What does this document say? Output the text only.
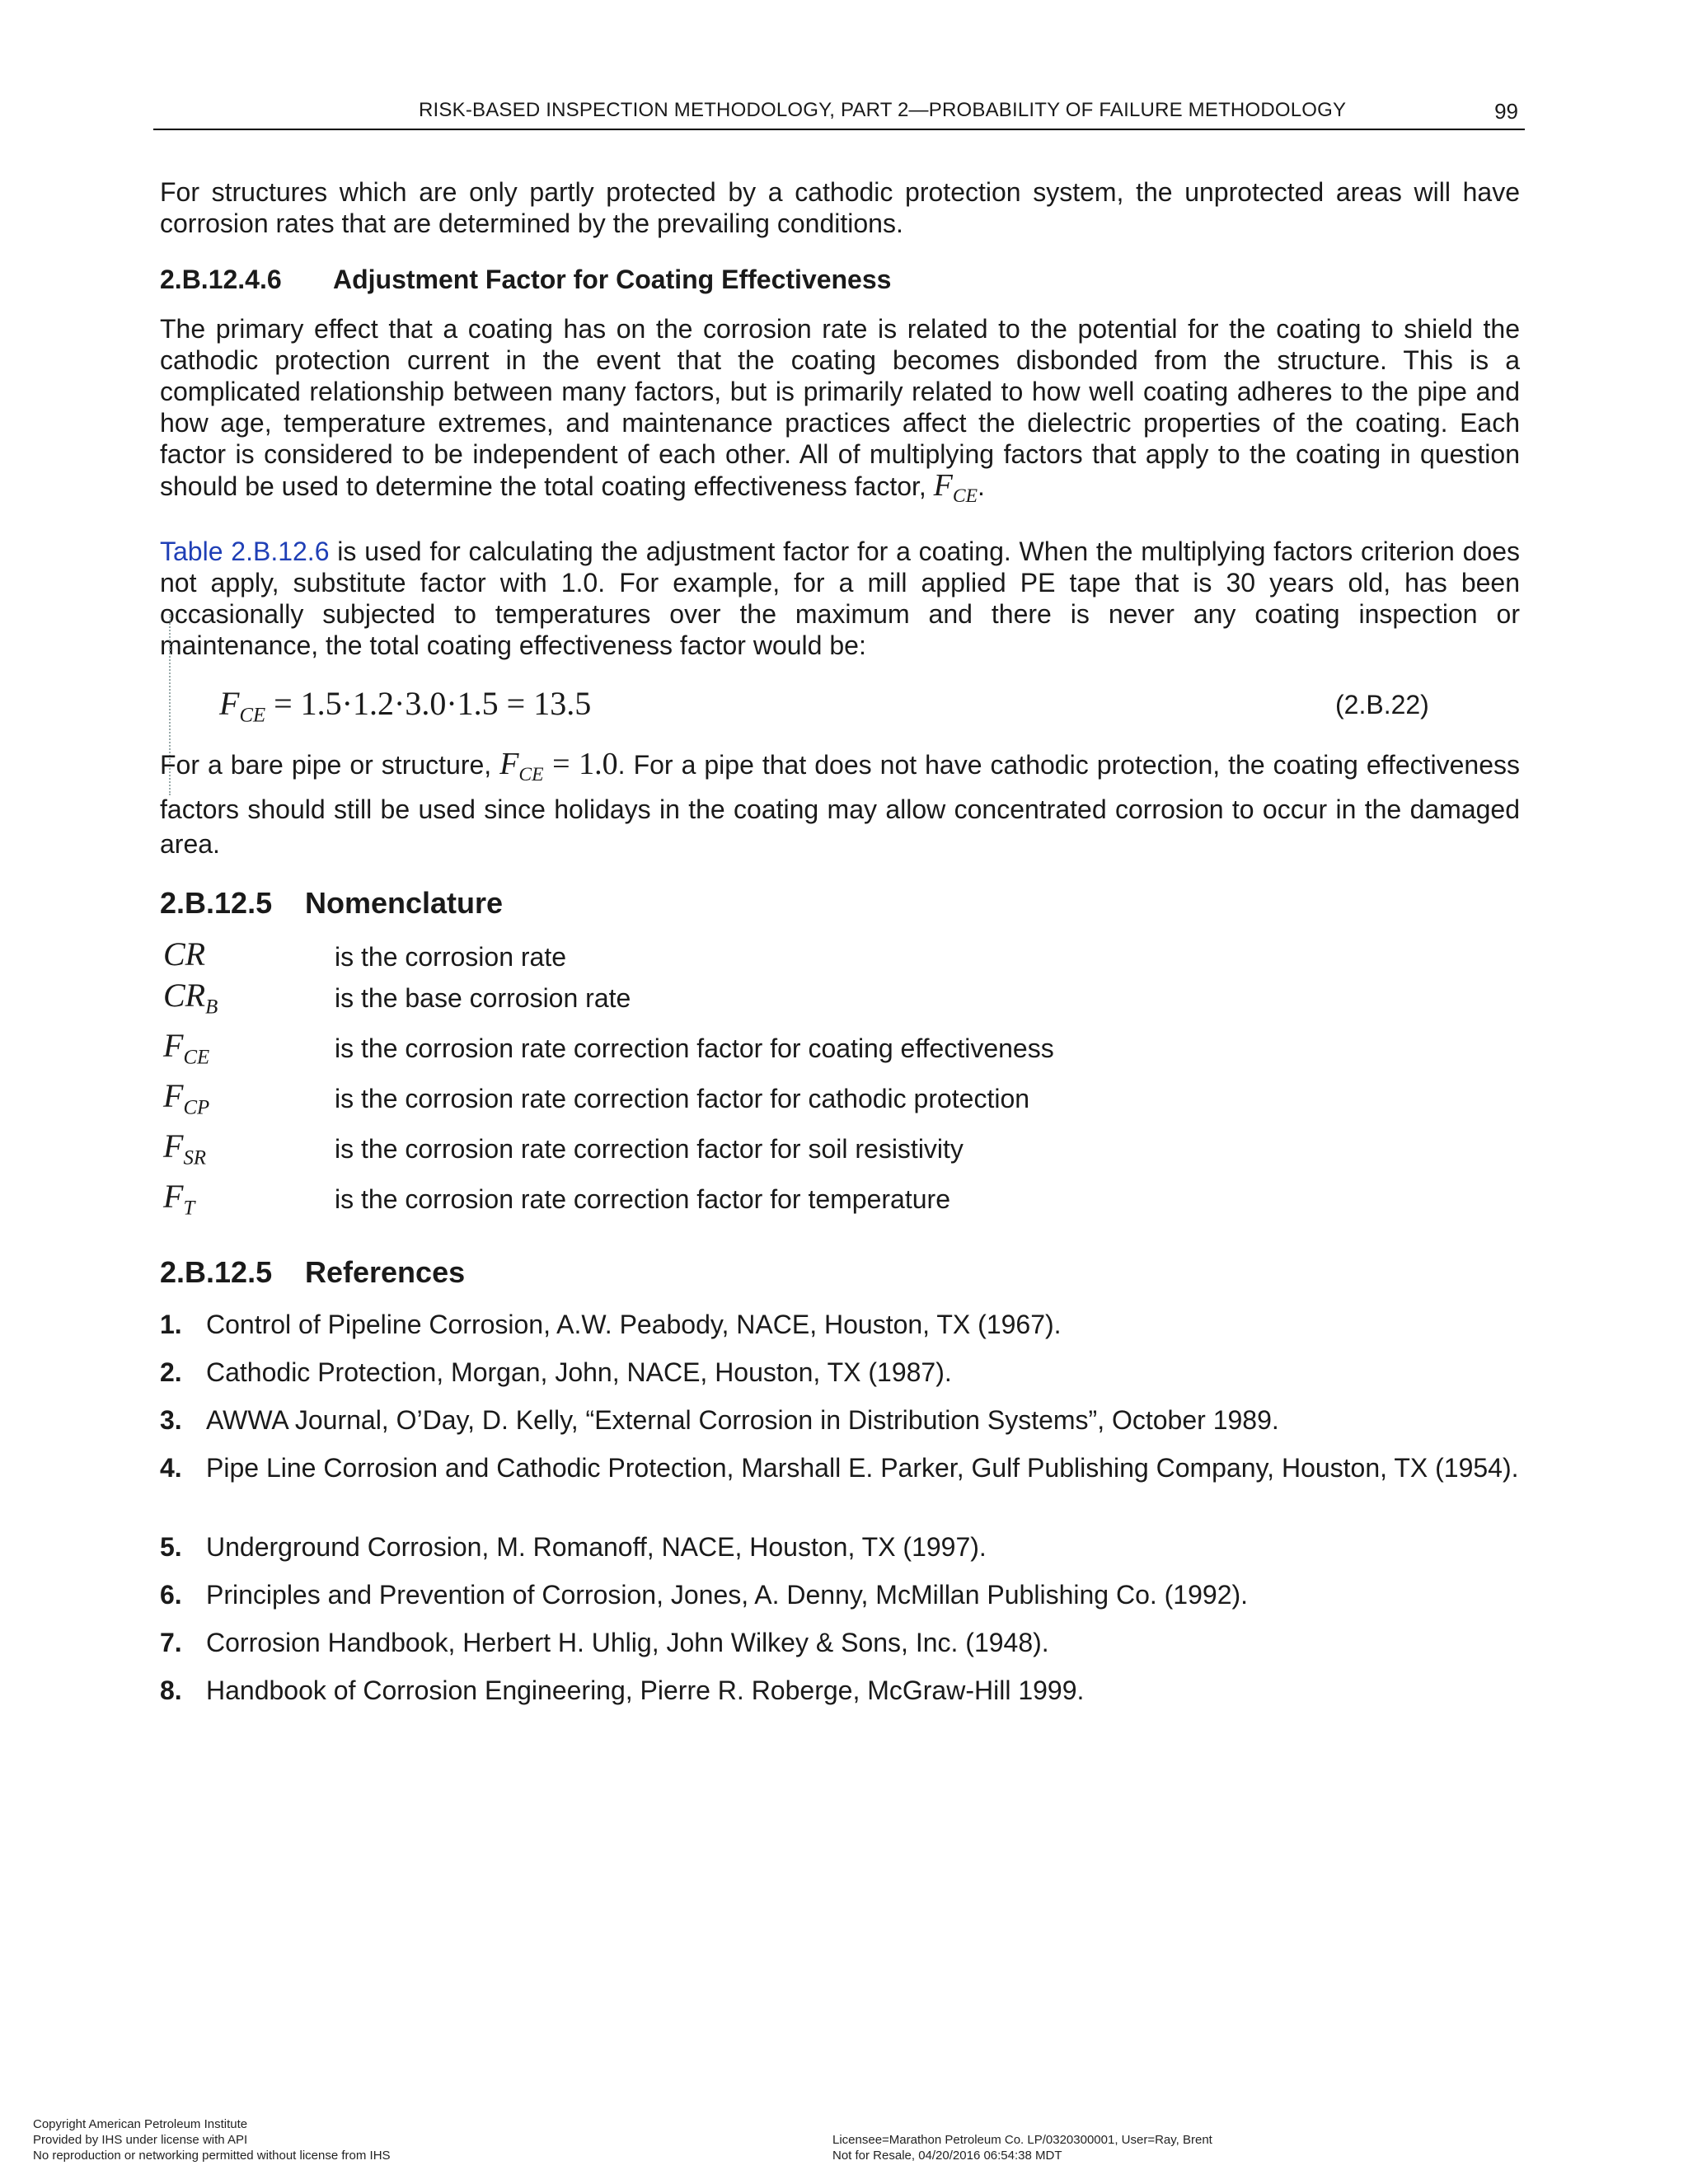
RISK-BASED INSPECTION METHODOLOGY, PART 2—PROBABILITY OF FAILURE METHODOLOGY	99

For structures which are only partly protected by a cathodic protection system, the unprotected areas will have corrosion rates that are determined by the prevailing conditions.

2.B.12.4.6 Adjustment Factor for Coating Effectiveness

The primary effect that a coating has on the corrosion rate is related to the potential for the coating to shield the cathodic protection current in the event that the coating becomes disbonded from the structure. This is a complicated relationship between many factors, but is primarily related to how well coating adheres to the pipe and how age, temperature extremes, and maintenance practices affect the dielectric properties of the coating. Each factor is considered to be independent of each other. All of multiplying factors that apply to the coating in question should be used to determine the total coating effectiveness factor, $F_{CE}$.

Table 2.B.12.6 is used for calculating the adjustment factor for a coating. When the multiplying factors criterion does not apply, substitute factor with 1.0. For example, for a mill applied PE tape that is 30 years old, has been occasionally subjected to temperatures over the maximum and there is never any coating inspection or maintenance, the total coating effectiveness factor would be:

$F_{CE} = 1.5\cdot 1.2\cdot 3.0\cdot 1.5 = 13.5$	(2.B.22)

For a bare pipe or structure, $F_{CE} = 1.0$. For a pipe that does not have cathodic protection, the coating effectiveness factors should still be used since holidays in the coating may allow concentrated corrosion to occur in the damaged area.

2.B.12.5 Nomenclature
CR	is the corrosion rate
$CR_B$	is the base corrosion rate
$F_{CE}$	is the corrosion rate correction factor for coating effectiveness
$F_{CP}$	is the corrosion rate correction factor for cathodic protection
$F_{SR}$	is the corrosion rate correction factor for soil resistivity
$F_T$	is the corrosion rate correction factor for temperature
2.B.12.5 References
1. Control of Pipeline Corrosion, A.W. Peabody, NACE, Houston, TX (1967).
2. Cathodic Protection, Morgan, John, NACE, Houston, TX (1987).
3. AWWA Journal, O’Day, D. Kelly, “External Corrosion in Distribution Systems”, October 1989.
4. Pipe Line Corrosion and Cathodic Protection, Marshall E. Parker, Gulf Publishing Company, Houston, TX (1954).
5. Underground Corrosion, M. Romanoff, NACE, Houston, TX (1997).
6. Principles and Prevention of Corrosion, Jones, A. Denny, McMillan Publishing Co. (1992).
7. Corrosion Handbook, Herbert H. Uhlig, John Wilkey & Sons, Inc. (1948).
8. Handbook of Corrosion Engineering, Pierre R. Roberge, McGraw-Hill 1999.
Copyright American Petroleum Institute
Provided by IHS under license with API
No reproduction or networking permitted without license from IHS
Licensee=Marathon Petroleum Co. LP/0320300001, User=Ray, Brent
Not for Resale, 04/20/2016 06:54:38 MDT
